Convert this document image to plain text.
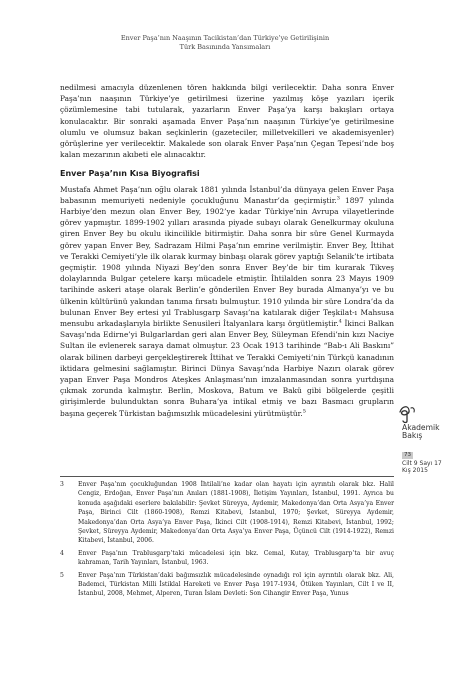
Enver Paşa’nın Naaşının Tacikistan’dan Türkiye’ye Getirilişinin
Türk Basınında Yansımaları

nedilmesi amacıyla düzenlenen tören hakkında bilgi verilecektir. Daha sonra Enver Paşa’nın naaşının Türkiye’ye getirilmesi üzerine yazılmış köşe yazıları içerik çözümlemesine tabi tutularak, yazarların Enver Paşa’ya karşı bakışları ortaya konulacaktır. Bir sonraki aşamada Enver Paşa’nın naaşının Türkiye’ye getirilmesine olumlu ve olumsuz bakan seçkinlerin (gazeteciler, milletvekilleri ve akademisyenler) görüşlerine yer verilecektir. Makalede son olarak Enver Paşa’nın Çegan Tepesi’nde boş kalan mezarının akıbeti ele alınacaktır.

Enver Paşa’nın Kısa Biyografisi

Mustafa Ahmet Paşa’nın oğlu olarak 1881 yılında İstanbul’da dünyaya gelen Enver Paşa babasının memuriyeti nedeniyle çocukluğunu Manastır’da geçirmiştir.$^3$ 1897 yılında Harbiye’den mezun olan Enver Bey, 1902’ye kadar Türkiye’nin Avrupa vilayetlerinde görev yapmıştır. 1899-1902 yılları arasında piyade subayı olarak Genelkurmay okuluna giren Enver Bey bu okulu ikincilikle bitirmiştir. Daha sonra bir süre Genel Kurmayda görev yapan Enver Bey, Sadrazam Hilmi Paşa’nın emrine verilmiştir. Enver Bey, İttihat ve Terakki Cemiyeti’yle ilk olarak kurmay binbaşı olarak görev yaptığı Selanik’te irtibata geçmiştir. 1908 yılında Niyazi Bey’den sonra Enver Bey’de bir tim kurarak Tikveş dolaylarında Bulgar çetelere karşı mücadele etmiştir. İhtilalden sonra 23 Mayıs 1909 tarihinde askeri ataşe olarak Berlin’e gönderilen Enver Bey burada Almanya’yı ve bu ülkenin kültürünü yakından tanıma fırsatı bulmuştur. 1910 yılında bir süre Londra’da da bulunan Enver Bey ertesi yıl Trablusgarp Savaşı’na katılarak diğer Teşkilat-ı Mahsusa mensubu arkadaşlarıyla birlikte Senusileri İtalyanlara karşı örgütlemiştir.$^4$ İkinci Balkan Savaşı’nda Edirne’yi Bulgarlardan geri alan Enver Bey, Süleyman Efendi’nin kızı Naciye Sultan ile evlenerek saraya damat olmuştur. 23 Ocak 1913 tarihinde “Bab-ı Ali Baskını” olarak bilinen darbeyi gerçekleştirerek İttihat ve Terakki Cemiyeti’nin Türkçü kanadının iktidara gelmesini sağlamıştır. Birinci Dünya Savaşı’nda Harbiye Nazırı olarak görev yapan Enver Paşa Mondros Ateşkes Anlaşması’nın imzalanmasından sonra yurtdışına çıkmak zorunda kalmıştır. Berlin, Moskova, Batum ve Bakü gibi bölgelerde çeşitli girişimlerde bulunduktan sonra Buhara’ya intikal etmiş ve bazı Basmacı grupların başına geçerek Türkistan bağımsızlık mücadelesini yürütmüştür.$^5$

3	Enver Paşa’nın çocukluğundan 1908 İhtilali’ne kadar olan hayatı için ayrıntılı olarak bkz. Halil Cengiz, Erdoğan, Enver Paşa’nın Anıları (1881-1908), İletişim Yayınları, İstanbul, 1991. Ayrıca bu konuda aşağıdaki eserlere bakılabilir: Şevket Süreyya, Aydemir, Makedonya’dan Orta Asya’ya Enver Paşa, Birinci Cilt (1860-1908), Remzi Kitabevi, İstanbul, 1970; Şevket, Süreyya Aydemir, Makedonya’dan Orta Asya’ya Enver Paşa, İkinci Cilt (1908-1914), Remzi Kitabevi, İstanbul, 1992; Şevket, Süreyya Aydemir, Makedonya’dan Orta Asya’ya Enver Paşa, Üçüncü Cilt (1914-1922), Remzi Kitabevi, İstanbul, 2006.
4	Enver Paşa’nın Trablusgarp’taki mücadelesi için bkz. Cemal, Kutay, Trablusgarp’ta bir avuç kahraman, Tarih Yayınları, İstanbul, 1963.
5	Enver Paşa’nın Türkistan’daki bağımsızlık mücadelesinde oynadığı rol için ayrıntılı olarak bkz. Ali, Bademci, Türkistan Milli İstiklal Hareketi ve Enver Paşa 1917-1934, Ötüken Yayınları, Cilt I ve II, İstanbul, 2008, Mehmet, Alperen, Turan İslam Devleti: Son Cihangir Enver Paşa, Yunus
Akademik
Bakış
73
Cilt 9 Sayı 17
Kış 2015
